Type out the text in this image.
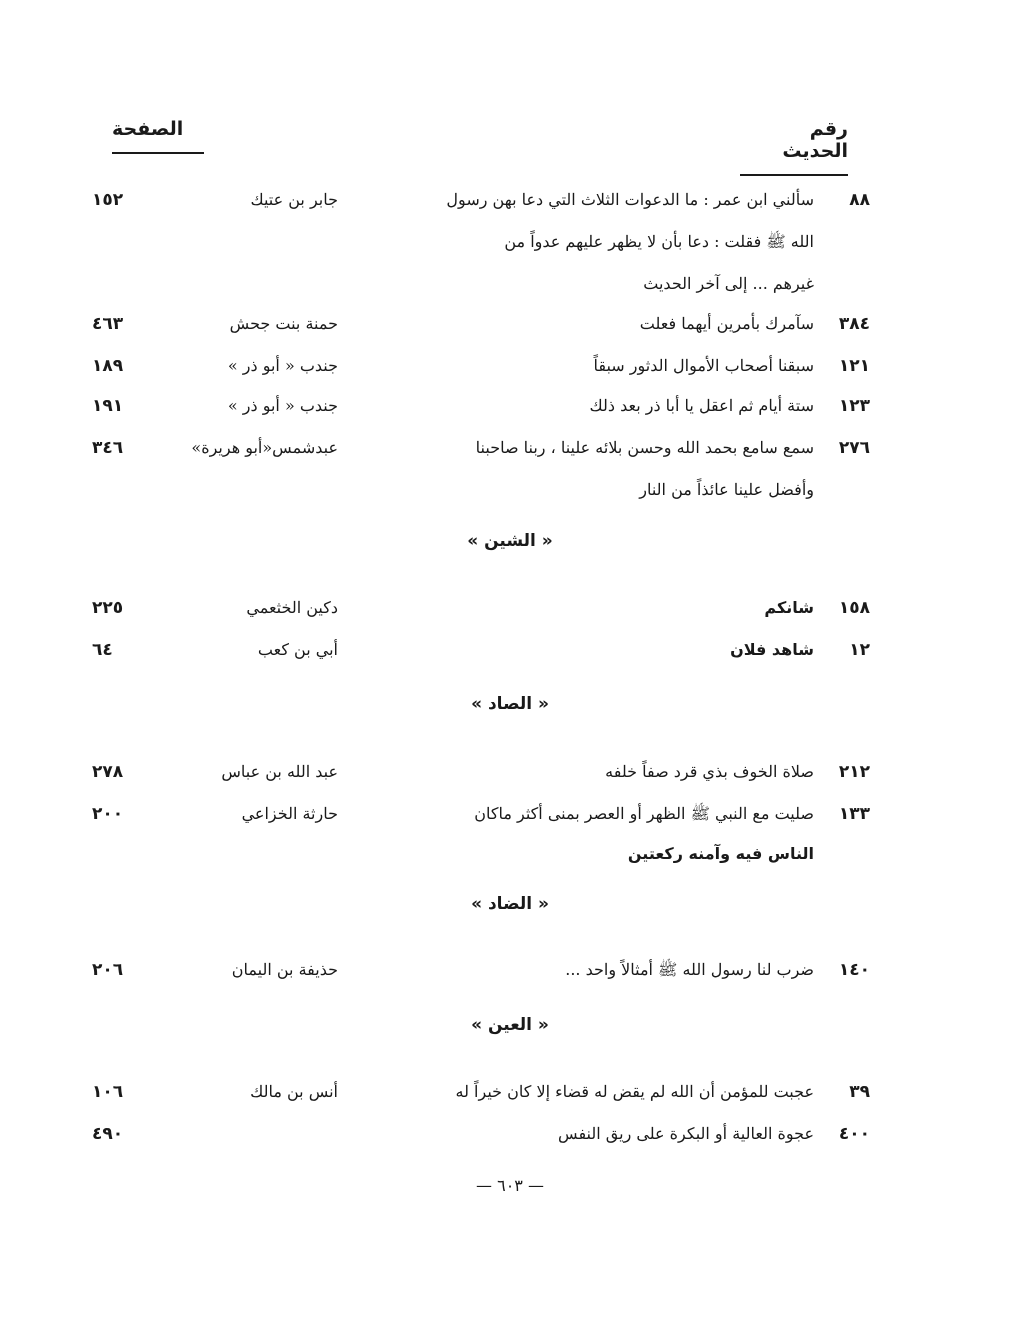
رقم الحديث
الصفحة
٨٨
سألني ابن عمر : ما الدعوات الثلاث التي دعا بهن رسول
جابر بن عتيك
١٥٢
الله ﷺ فقلت : دعا بأن لا يظهر عليهم عدواً من
غيرهم ... إلى آخر الحديث
٣٨٤
سآمرك بأمرين أيهما فعلت
حمنة بنت جحش
٤٦٣
١٢١
سبقنا أصحاب الأموال الدثور سبقاً
جندب « أبو ذر »
١٨٩
١٢٣
ستة أيام ثم اعقل يا أبا ذر بعد ذلك
جندب « أبو ذر »
١٩١
٢٧٦
سمع سامع بحمد الله وحسن بلائه علينا ، ربنا صاحبنا
عبدشمس«أبو هريرة»
٣٤٦
وأفضل علينا عائذاً من النار
١٥٨
شانكم
دكين الخثعمي
٢٢٥
١٢
شاهد فلان
أبي بن كعب
٦٤
٢١٢
صلاة الخوف بذي قرد صفاً خلفه
عبد الله بن عباس
٢٧٨
١٣٣
صليت مع النبي ﷺ الظهر أو العصر بمنى أكثر ماكان
حارثة الخزاعي
٢٠٠
الناس فيه وآمنه ركعتين
١٤٠
ضرب لنا رسول الله ﷺ أمثالاً واحد ...
حذيفة بن اليمان
٢٠٦
٣٩
عجبت للمؤمن أن الله لم يقض له قضاء إلا كان خيراً له
أنس بن مالك
١٠٦
٤٠٠
عجوة العالية أو البكرة على ريق النفس
٤٩٠
« الشين »
« الصاد »
« الضاد »
« العين »
— ٦٠٣ —
